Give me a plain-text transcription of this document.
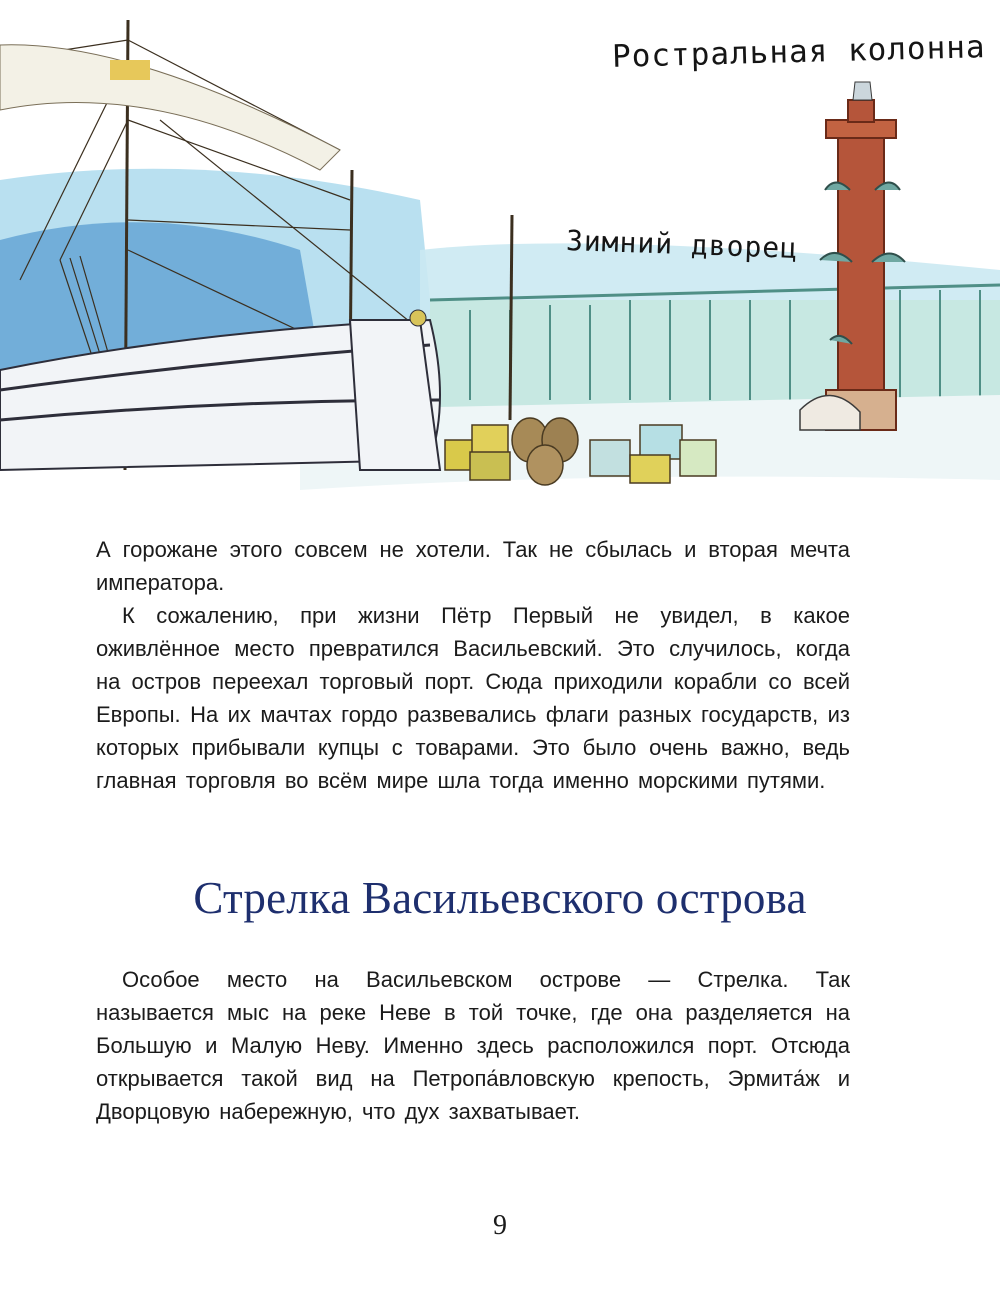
Ростральная колонна
Зимний дворец

А горожане этого совсем не хотели. Так не сбылась и вторая мечта императора.

К сожалению, при жизни Пётр Первый не увидел, в какое оживлённое место превратился Васильевский. Это случилось, когда на остров переехал торговый порт. Сюда приходили корабли со всей Европы. На их мачтах гордо развевались флаги разных государств, из которых прибывали купцы с товарами. Это было очень важно, ведь главная торговля во всём мире шла тогда именно морскими путями.

Стрелка Васильевского острова

Особое место на Васильевском острове — Стрелка. Так называется мыс на реке Неве в той точке, где она разделяется на Большую и Малую Неву. Именно здесь расположился порт. Отсюда открывается такой вид на Петропа́вловскую крепость, Эрмита́ж и Дворцовую набережную, что дух захватывает.

9
